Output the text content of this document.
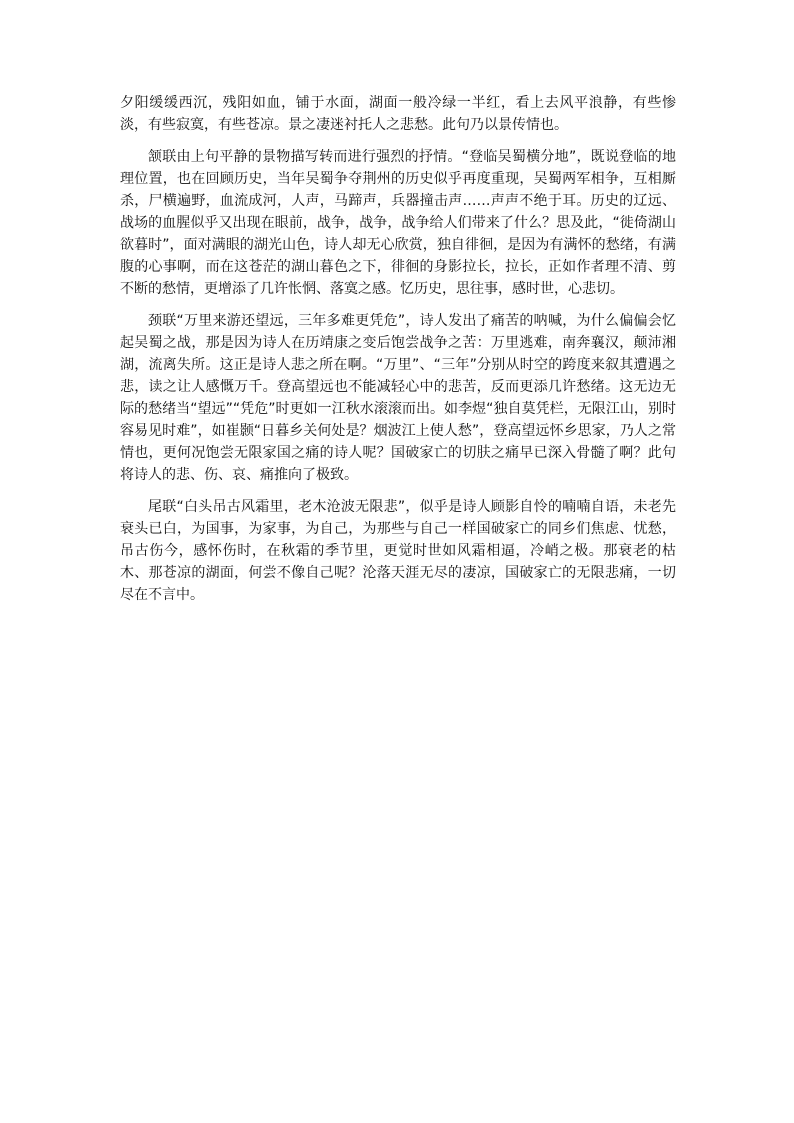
夕阳缓缓西沉，残阳如血，铺于水面，湖面一般冷绿一半红，看上去风平浪静，有些惨淡，有些寂寞，有些苍凉。景之凄迷衬托人之悲愁。此句乃以景传情也。

颔联由上句平静的景物描写转而进行强烈的抒情。“登临吴蜀横分地”，既说登临的地理位置，也在回顾历史，当年吴蜀争夺荆州的历史似乎再度重现，吴蜀两军相争，互相厮杀，尸横遍野，血流成河，人声，马蹄声，兵器撞击声……声声不绝于耳。历史的辽远、战场的血腥似乎又出现在眼前，战争，战争，战争给人们带来了什么？思及此，“徙倚湖山欲暮时”，面对满眼的湖光山色，诗人却无心欣赏，独自徘徊，是因为有满怀的愁绪，有满腹的心事啊，而在这苍茫的湖山暮色之下，徘徊的身影拉长，拉长，正如作者理不清、剪不断的愁情，更增添了几许怅惘、落寞之感。忆历史，思往事，感时世，心悲切。

颈联“万里来游还望远，三年多难更凭危”，诗人发出了痛苦的呐喊，为什么偏偏会忆起吴蜀之战，那是因为诗人在历靖康之变后饱尝战争之苦：万里逃难，南奔襄汉，颠沛湘湖，流离失所。这正是诗人悲之所在啊。“万里”、“三年”分别从时空的跨度来叙其遭遇之悲，读之让人感慨万千。登高望远也不能减轻心中的悲苦，反而更添几许愁绪。这无边无际的愁绪当“望远”“凭危”时更如一江秋水滚滚而出。如李煜“独自莫凭栏，无限江山，别时容易见时难”，如崔颢“日暮乡关何处是？烟波江上使人愁”，登高望远怀乡思家，乃人之常情也，更何况饱尝无限家国之痛的诗人呢？国破家亡的切肤之痛早已深入骨髓了啊？此句将诗人的悲、伤、哀、痛推向了极致。

尾联“白头吊古风霜里，老木沧波无限悲”，似乎是诗人顾影自怜的喃喃自语，未老先衰头已白，为国事，为家事，为自己，为那些与自己一样国破家亡的同乡们焦虑、忧愁，吊古伤今，感怀伤时，在秋霜的季节里，更觉时世如风霜相逼，冷峭之极。那衰老的枯木、那苍凉的湖面，何尝不像自己呢？沦落天涯无尽的凄凉，国破家亡的无限悲痛，一切尽在不言中。
